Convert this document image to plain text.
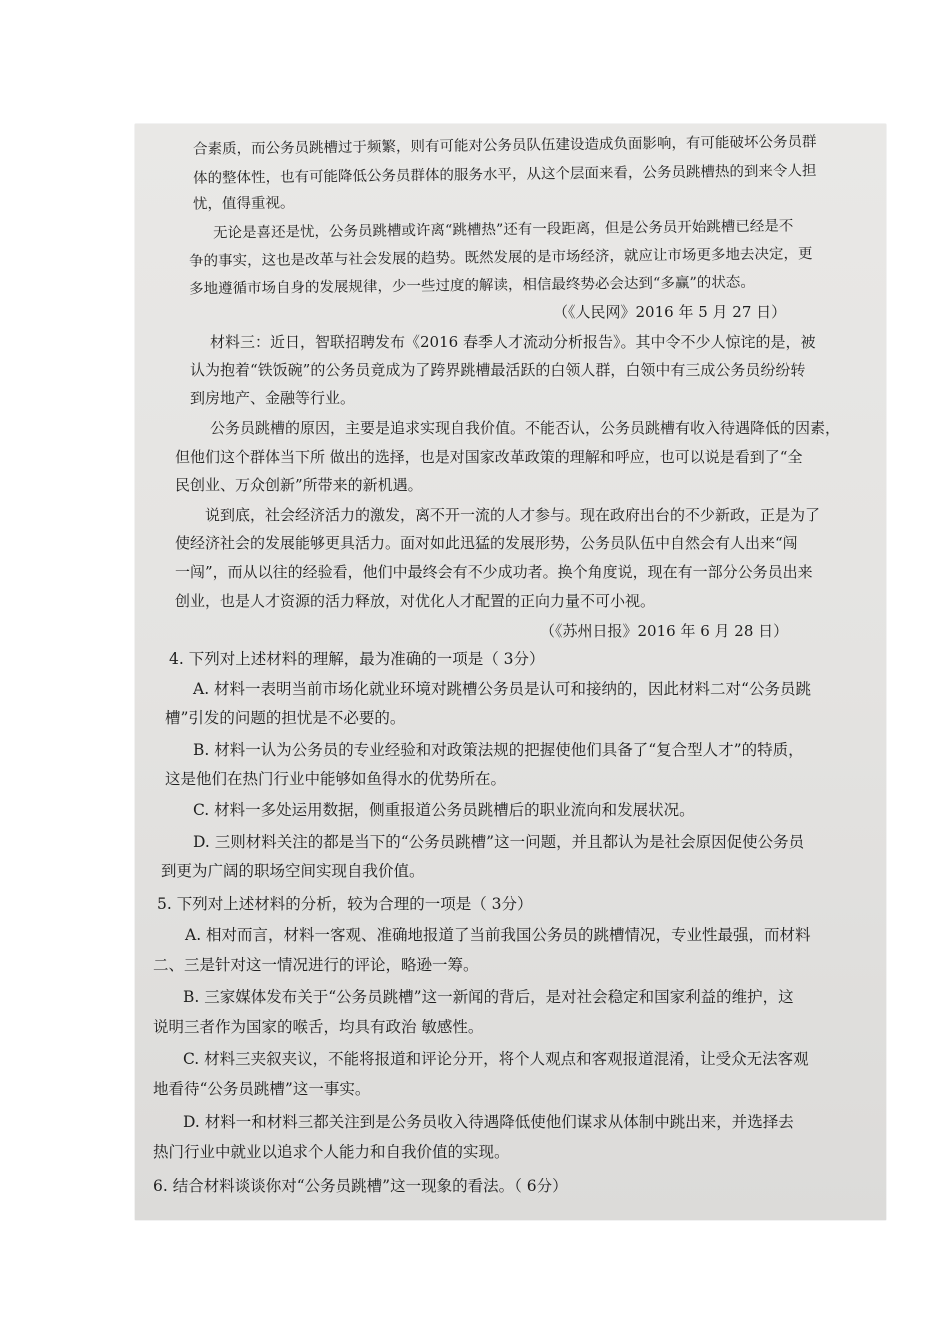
合素质，而公务员跳槽过于频繁，则有可能对公务员队伍建设造成负面影响，有可能破坏公务员群
体的整体性，也有可能降低公务员群体的服务水平，从这个层面来看，公务员跳槽热的到来令人担
忧，值得重视。
无论是喜还是忧，公务员跳槽或许离“跳槽热”还有一段距离，但是公务员开始跳槽已经是不
争的事实，这也是改革与社会发展的趋势。既然发展的是市场经济，就应让市场更多地去决定，更
多地遵循市场自身的发展规律，少一些过度的解读，相信最终势必会达到“多赢”的状态。
（《人民网》2016 年 5 月 27 日）
材料三：近日，智联招聘发布《2016 春季人才流动分析报告》。其中令不少人惊诧的是，被
认为抱着“铁饭碗”的公务员竟成为了跨界跳槽最活跃的白领人群，白领中有三成公务员纷纷转
到房地产、金融等行业。
公务员跳槽的原因，主要是追求实现自我价值。不能否认，公务员跳槽有收入待遇降低的因素，
但他们这个群体当下所 做出的选择，也是对国家改革政策的理解和呼应，也可以说是看到了“全
民创业、万众创新”所带来的新机遇。
说到底，社会经济活力的激发，离不开一流的人才参与。现在政府出台的不少新政，正是为了
使经济社会的发展能够更具活力。面对如此迅猛的发展形势，公务员队伍中自然会有人出来“闯
一闯”，而从以往的经验看，他们中最终会有不少成功者。换个角度说，现在有一部分公务员出来
创业，也是人才资源的活力释放，对优化人才配置的正向力量不可小视。
（《苏州日报》2016 年 6 月 28 日）
4. 下列对上述材料的理解，最为准确的一项是（ 3分）
A. 材料一表明当前市场化就业环境对跳槽公务员是认可和接纳的，因此材料二对“公务员跳
槽”引发的问题的担忧是不必要的。
B. 材料一认为公务员的专业经验和对政策法规的把握使他们具备了“复合型人才”的特质，
这是他们在热门行业中能够如鱼得水的优势所在。
C. 材料一多处运用数据，侧重报道公务员跳槽后的职业流向和发展状况。
D. 三则材料关注的都是当下的“公务员跳槽”这一问题，并且都认为是社会原因促使公务员
到更为广阔的职场空间实现自我价值。
5. 下列对上述材料的分析，较为合理的一项是（ 3分）
A. 相对而言，材料一客观、准确地报道了当前我国公务员的跳槽情况，专业性最强，而材料
二、三是针对这一情况进行的评论，略逊一筹。
B. 三家媒体发布关于“公务员跳槽”这一新闻的背后，是对社会稳定和国家利益的维护，这
说明三者作为国家的喉舌，均具有政治 敏感性。
C. 材料三夹叙夹议，不能将报道和评论分开，将个人观点和客观报道混淆，让受众无法客观
地看待“公务员跳槽”这一事实。
D. 材料一和材料三都关注到是公务员收入待遇降低使他们谋求从体制中跳出来，并选择去
热门行业中就业以追求个人能力和自我价值的实现。
6. 结合材料谈谈你对“公务员跳槽”这一现象的看法。（ 6分）
